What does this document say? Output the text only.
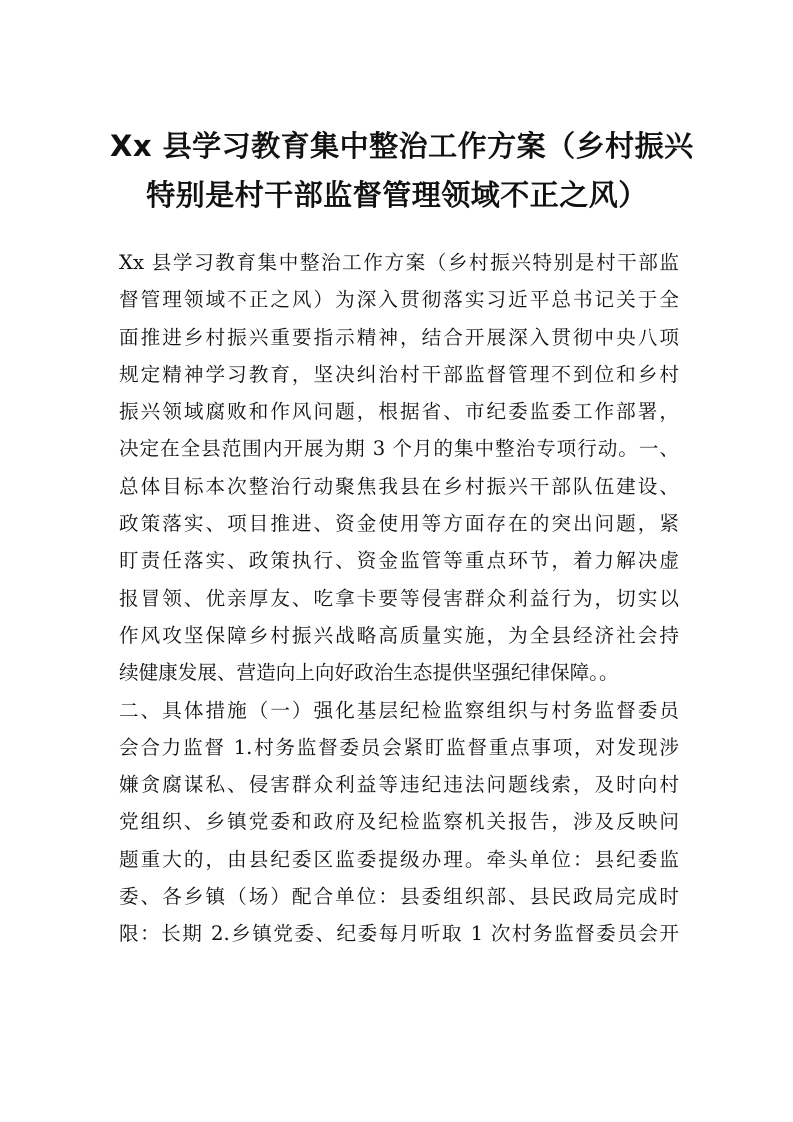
Xx 县学习教育集中整治工作方案（乡村振兴
特别是村干部监督管理领域不正之风）
Xx 县学习教育集中整治工作方案（乡村振兴特别是村干部监
督管理领域不正之风）为深入贯彻落实习近平总书记关于全
面推进乡村振兴重要指示精神，结合开展深入贯彻中央八项
规定精神学习教育，坚决纠治村干部监督管理不到位和乡村
振兴领域腐败和作风问题，根据省、市纪委监委工作部署，
决定在全县范围内开展为期 3 个月的集中整治专项行动。一、
总体目标本次整治行动聚焦我县在乡村振兴干部队伍建设、
政策落实、项目推进、资金使用等方面存在的突出问题，紧
盯责任落实、政策执行、资金监管等重点环节，着力解决虚
报冒领、优亲厚友、吃拿卡要等侵害群众利益行为，切实以
作风攻坚保障乡村振兴战略高质量实施，为全县经济社会持
续健康发展、营造向上向好政治生态提供坚强纪律保障。。
二、具体措施（一）强化基层纪检监察组织与村务监督委员
会合力监督 1.村务监督委员会紧盯监督重点事项，对发现涉
嫌贪腐谋私、侵害群众利益等违纪违法问题线索，及时向村
党组织、乡镇党委和政府及纪检监察机关报告，涉及反映问
题重大的，由县纪委区监委提级办理。牵头单位：县纪委监
委、各乡镇（场）配合单位：县委组织部、县民政局完成时
限：长期 2.乡镇党委、纪委每月听取 1 次村务监督委员会开
